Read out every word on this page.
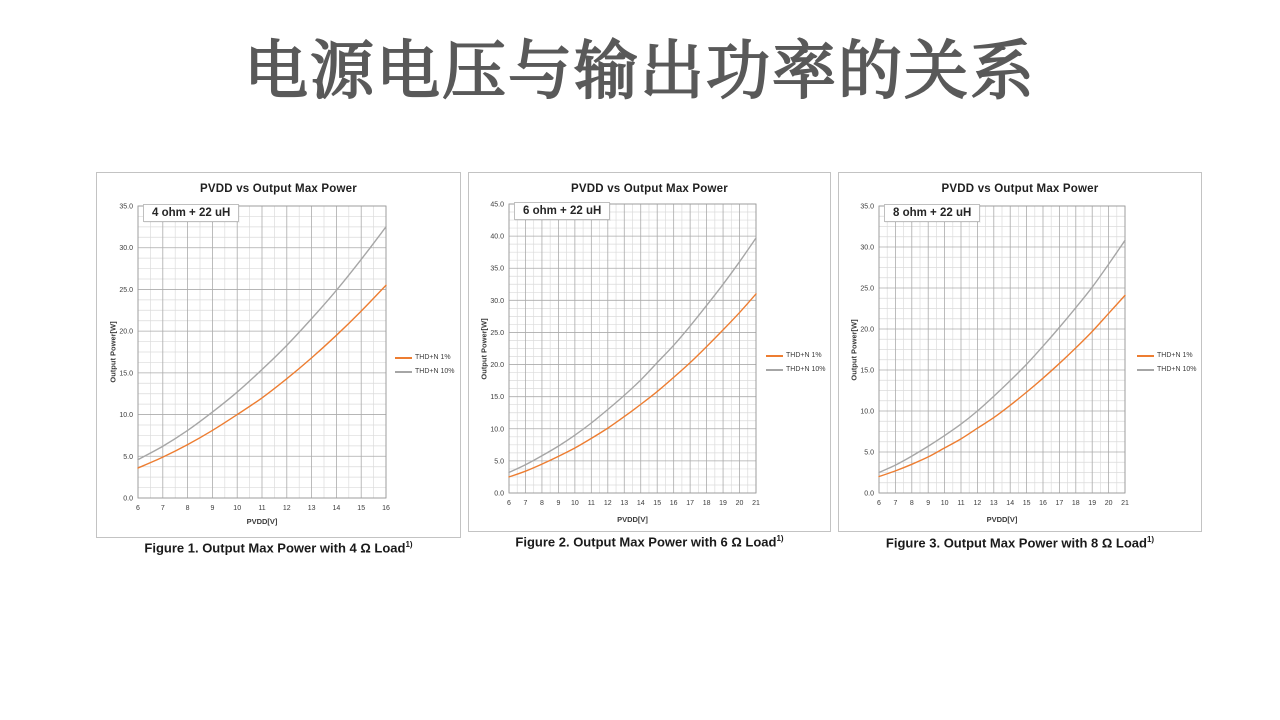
电源电压与输出功率的关系
6	7	8	9	10 11 12 13 14 15 16
0.0
5.0
10.0
15.0
20.0
25.0
30.0
35.0
PVDD vs Output Max Power
4 ohm + 22 uH
Output Power[W]
PVDD[V]
THD+N 1%
THD+N 10%
Figure 1. Output Max Power with 4 Ω Load$^{1)}$
6 7 8 9 10 11 12 13 14 15 16 17 18 19 20 21
0.0
5.0
10.0
15.0
20.0
25.0
30.0
35.0
40.0
45.0
PVDD vs Output Max Power
6 ohm + 22 uH
Output Power[W]
PVDD[V]
THD+N 1%
THD+N 10%
Figure 2. Output Max Power with 6 Ω Load$^{1)}$
6 7 8 9 10 11 12 13 14 15 16 17 18 19 20 21
0.0
5.0
10.0
15.0
20.0
25.0
30.0
35.0
PVDD vs Output Max Power
8 ohm + 22 uH
Output Power[W]
PVDD[V]
THD+N 1%
THD+N 10%
Figure 3. Output Max Power with 8 Ω Load$^{1)}$
